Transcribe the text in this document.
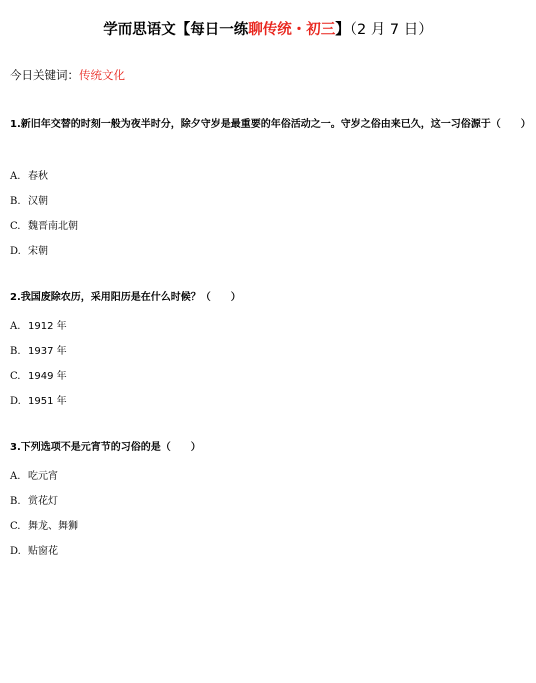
学而思语文【每日一练聊传统・初三】（2 月 7 日）
今日关键词：传统文化
1.新旧年交替的时刻一般为夜半时分，除夕守岁是最重要的年俗活动之一。守岁之俗由来已久，这一习俗源于（　　）
A. 春秋
B. 汉朝
C. 魏晋南北朝
D. 宋朝
2.我国废除农历，采用阳历是在什么时候？（　　）
A. 1912 年
B. 1937 年
C. 1949 年
D. 1951 年
3.下列选项不是元宵节的习俗的是（　　）
A. 吃元宵
B. 赏花灯
C. 舞龙、舞狮
D. 贴窗花
